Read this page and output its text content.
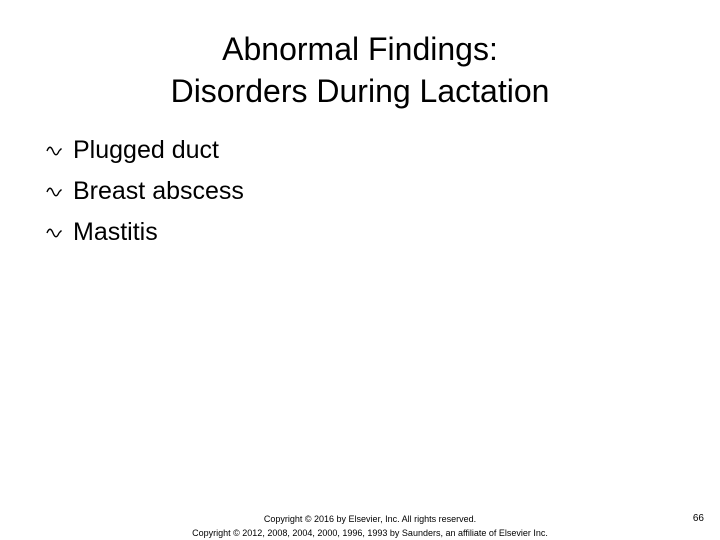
Abnormal Findings:
Disorders During Lactation
Plugged duct
Breast abscess
Mastitis
Copyright © 2016 by Elsevier, Inc. All rights reserved.
Copyright © 2012, 2008, 2004, 2000, 1996, 1993 by Saunders, an affiliate of Elsevier Inc.
66
